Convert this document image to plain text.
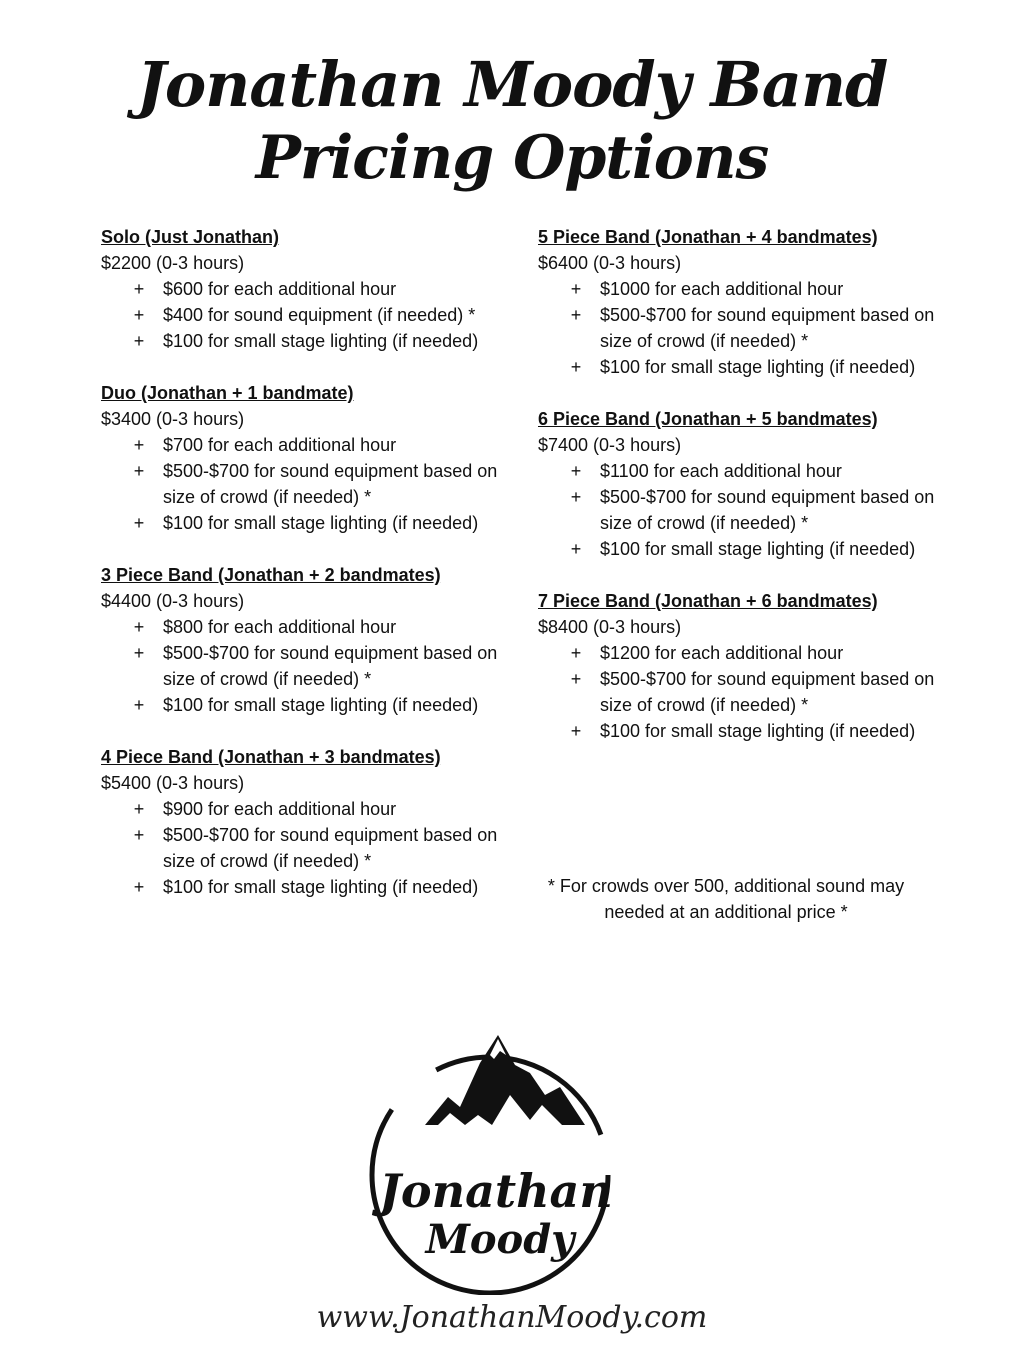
Jonathan Moody Band
Pricing Options

Solo (Just Jonathan)

$2200 (0-3 hours)

+ $600 for each additional hour
+ $400 for sound equipment (if needed) *
+ $100 for small stage lighting (if needed)

Duo (Jonathan + 1 bandmate)

$3400 (0-3 hours)

+ $700 for each additional hour
+ $500-$700 for sound equipment based on size of crowd (if needed) *
+ $100 for small stage lighting (if needed)

3 Piece Band (Jonathan + 2 bandmates)

$4400 (0-3 hours)

+ $800 for each additional hour
+ $500-$700 for sound equipment based on size of crowd (if needed) *
+ $100 for small stage lighting (if needed)

4 Piece Band (Jonathan + 3 bandmates)

$5400 (0-3 hours)

+ $900 for each additional hour
+ $500-$700 for sound equipment based on size of crowd (if needed) *
+ $100 for small stage lighting (if needed)

5 Piece Band (Jonathan + 4 bandmates)

$6400 (0-3 hours)

+ $1000 for each additional hour
+ $500-$700 for sound equipment based on size of crowd (if needed) *
+ $100 for small stage lighting (if needed)

6 Piece Band (Jonathan + 5 bandmates)

$7400 (0-3 hours)

+ $1100 for each additional hour
+ $500-$700 for sound equipment based on size of crowd (if needed) *
+ $100 for small stage lighting (if needed)

7 Piece Band (Jonathan + 6 bandmates)

$8400 (0-3 hours)

+ $1200 for each additional hour
+ $500-$700 for sound equipment based on size of crowd (if needed) *
+ $100 for small stage lighting (if needed)

* For crowds over 500, additional sound may needed at an additional price *

Jonathan
Moody

www.JonathanMoody.com
